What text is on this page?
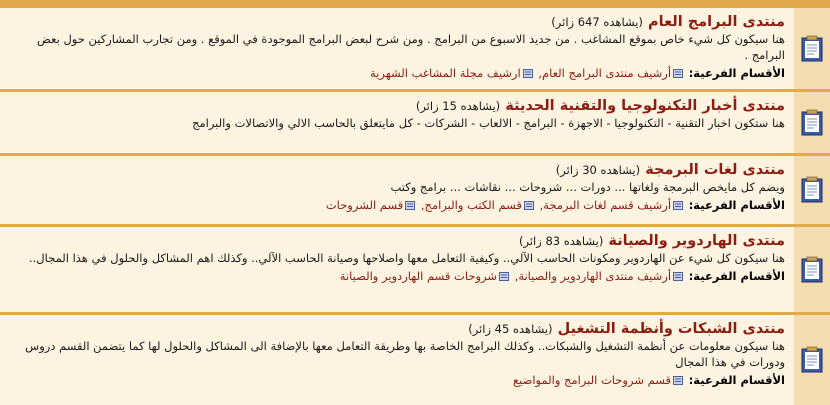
منتدى البرامج العام (يشاهده 647 زائر)

هنا سيكون كل شيء خاص بموقع المشاغب . من جديد الاسبوع من البرامج . ومن شرح لبعض البرامج الموجودة في الموقع . ومن تجارب المشاركين حول بعض البرامج .

الأقسام الفرعية: أرشيف منتدى البرامج العام, ارشيف مجلة المشاغب الشهرية
منتدى أخبار التكنولوجيا والتقنية الحديثة (يشاهده 15 زائر)

هنا ستكون اخبار التقنية - التكنولوجيا - الاجهزة - البرامج - الالعاب - الشركات - كل مايتعلق بالحاسب الالي والاتصالات والبرامج

منتدى لغات البرمجة (يشاهده 30 زائر)

ويضم كل مايخص البرمجة ولغاتها ... دورات ... شروحات ... نقاشات ... برامج وكتب

الأقسام الفرعية: أرشيف قسم لغات البرمجة, قسم الكتب والبرامج, قسم الشروحات
منتدى الهاردوير والصيانة (يشاهده 83 زائر)

هنا سيكون كل شيء عن الهاردوير ومكونات الحاسب الآلي.. وكيفية التعامل معها واصلاحها وصيانة الحاسب الآلي.. وكذلك اهم المشاكل والحلول في هذا المجال..

الأقسام الفرعية: أرشيف منتدى الهاردوير والصيانة, شروحات قسم الهاردوير والصيانة
منتدى الشبكات وأنظمة التشغيل (يشاهده 45 زائر)

هنا سيكون معلومات عن أنظمة التشغيل والشبكات.. وكذلك البرامج الخاصة بها وطريقة التعامل معها بالإضافة الى المشاكل والحلول لها كما يتضمن القسم دروس ودورات في هذا المجال

الأقسام الفرعية: قسم شروحات البرامج والمواضيع
